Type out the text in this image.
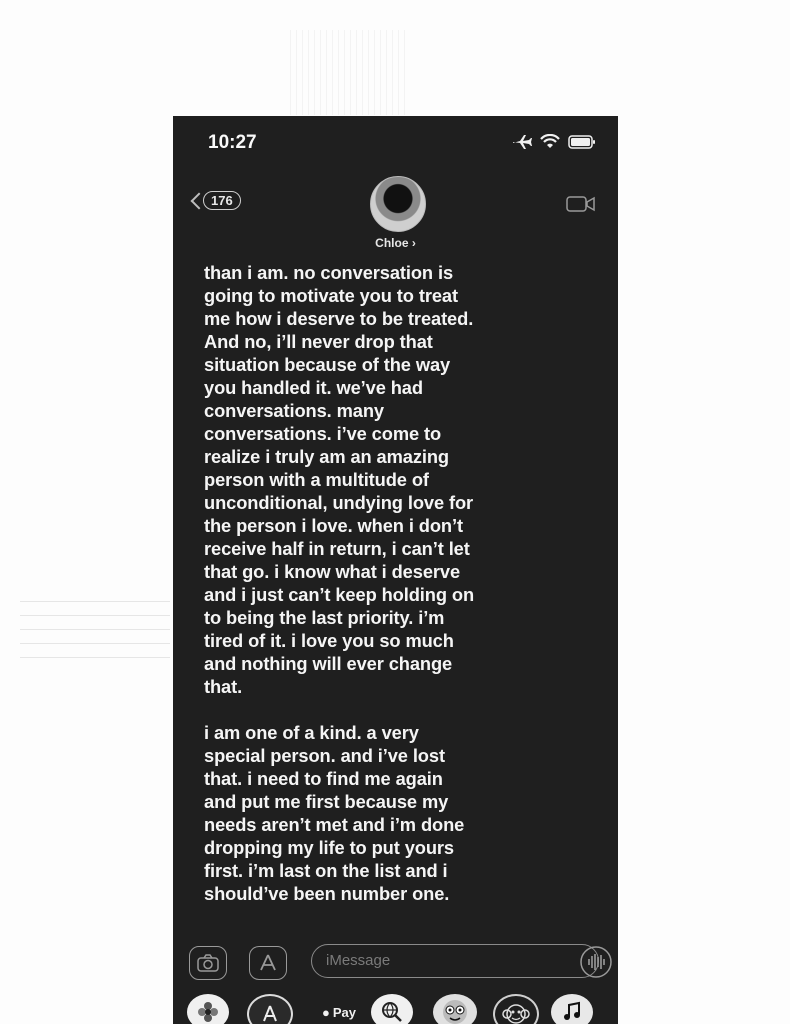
10:27
176
Chloe ›
than i am. no conversation is
going to motivate you to treat
me how i deserve to be treated.
And no, i’ll never drop that
situation because of the way
you handled it. we’ve had
conversations. many
conversations. i’ve come to
realize i truly am an amazing
person with a multitude of
unconditional, undying love for
the person i love. when i don’t
receive half in return, i can’t let
that go. i know what i deserve
and i just can’t keep holding on
to being the last priority. i’m
tired of it. i love you so much
and nothing will ever change
that.

i am one of a kind. a very
special person. and i’ve lost
that. i need to find me again
and put me first because my
needs aren’t met and i’m done
dropping my life to put yours
first. i’m last on the list and i
should’ve been number one.
iMessage
● Pay
